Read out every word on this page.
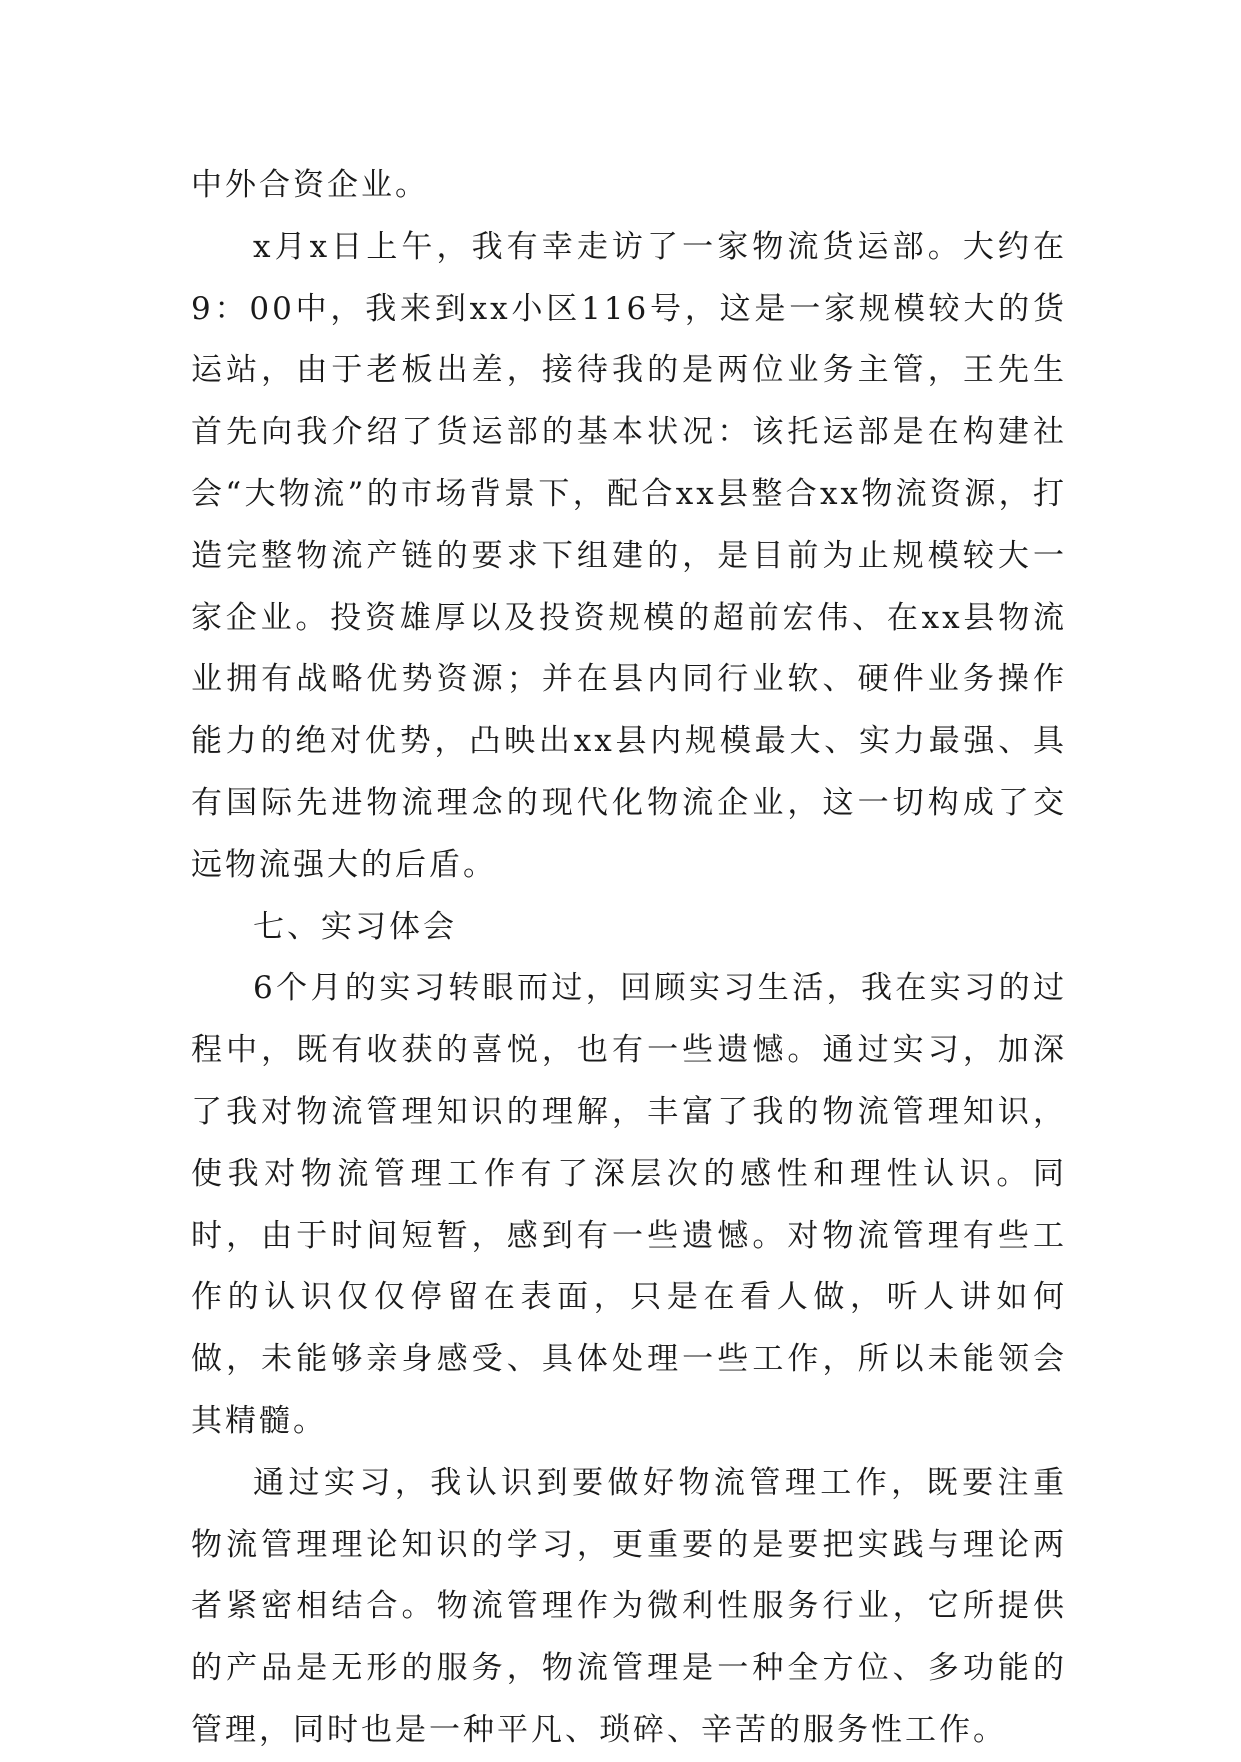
中外合资企业。

x月x日上午，我有幸走访了一家物流货运部。大约在9：00中，我来到xx小区116号，这是一家规模较大的货运站，由于老板出差，接待我的是两位业务主管，王先生首先向我介绍了货运部的基本状况：该托运部是在构建社会“大物流”的市场背景下，配合xx县整合xx物流资源，打造完整物流产链的要求下组建的，是目前为止规模较大一家企业。投资雄厚以及投资规模的超前宏伟、在xx县物流业拥有战略优势资源；并在县内同行业软、硬件业务操作能力的绝对优势，凸映出xx县内规模最大、实力最强、具有国际先进物流理念的现代化物流企业，这一切构成了交远物流强大的后盾。

七、实习体会

6个月的实习转眼而过，回顾实习生活，我在实习的过程中，既有收获的喜悦，也有一些遗憾。通过实习，加深了我对物流管理知识的理解，丰富了我的物流管理知识，使我对物流管理工作有了深层次的感性和理性认识。同时，由于时间短暂，感到有一些遗憾。对物流管理有些工作的认识仅仅停留在表面，只是在看人做，听人讲如何做，未能够亲身感受、具体处理一些工作，所以未能领会其精髓。

通过实习，我认识到要做好物流管理工作，既要注重物流管理理论知识的学习，更重要的是要把实践与理论两者紧密相结合。物流管理作为微利性服务行业，它所提供的产品是无形的服务，物流管理是一种全方位、多功能的管理，同时也是一种平凡、琐碎、辛苦的服务性工作。
